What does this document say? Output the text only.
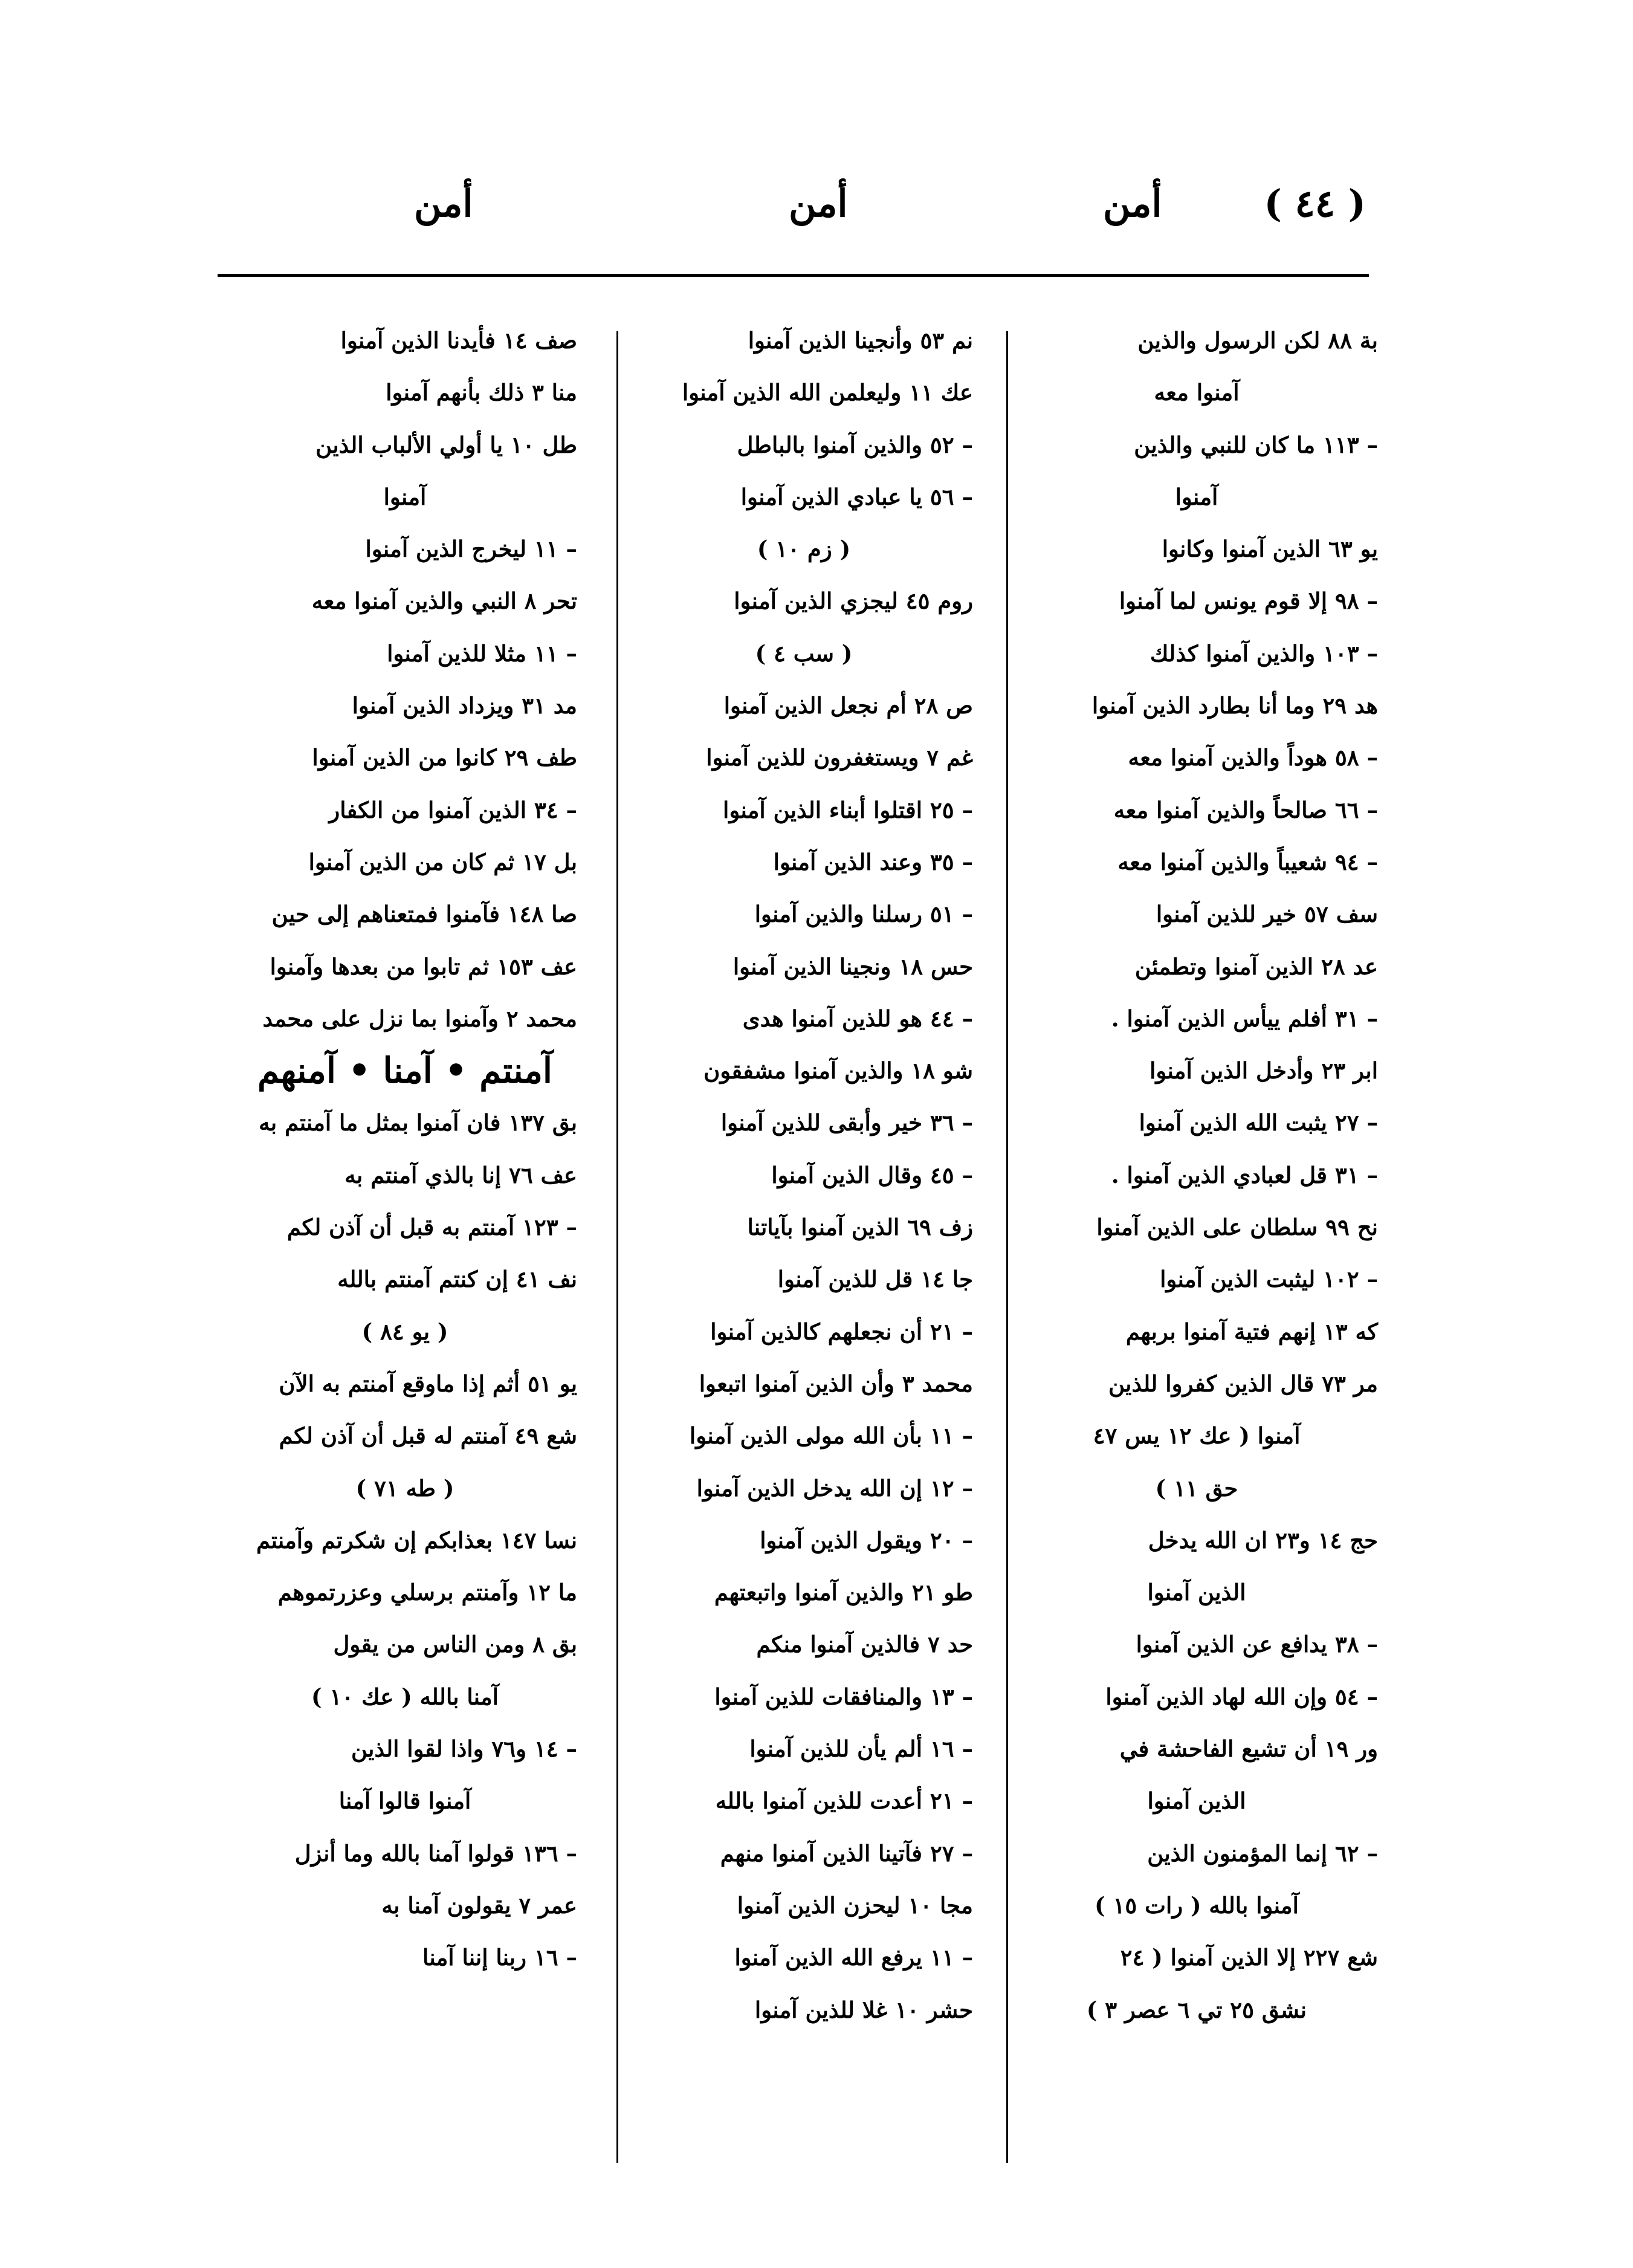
أمن	أمن	أمن	( ٤٤ )
بة ٨٨ لكن الرسول والذين
آمنوا معه
– ١١٣ ما كان للنبي والذين
آمنوا
يو ٦٣ الذين آمنوا وكانوا
– ٩٨ إلا قوم يونس لما آمنوا
– ١٠٣ والذين آمنوا كذلك
هد ٢٩ وما أنا بطارد الذين آمنوا
– ٥٨ هوداً والذين آمنوا معه
– ٦٦ صالحاً والذين آمنوا معه
– ٩٤ شعيباً والذين آمنوا معه
سف ٥٧ خير للذين آمنوا
عد ٢٨ الذين آمنوا وتطمئن
– ٣١ أفلم ييأس الذين آمنوا .
ابر ٢٣ وأدخل الذين آمنوا
– ٢٧ يثبت الله الذين آمنوا
– ٣١ قل لعبادي الذين آمنوا .
نح ٩٩ سلطان على الذين آمنوا
– ١٠٢ ليثبت الذين آمنوا
كه ١٣ إنهم فتية آمنوا بربهم
مر ٧٣ قال الذين كفروا للذين
آمنوا ( عك ١٢ يس ٤٧
حق ١١ )
حج ١٤ و٢٣ ان الله يدخل
الذين آمنوا
– ٣٨ يدافع عن الذين آمنوا
– ٥٤ وإن الله لهاد الذين آمنوا
ور ١٩ أن تشيع الفاحشة في
الذين آمنوا
– ٦٢ إنما المؤمنون الذين
آمنوا بالله ( رات ١٥ )
شع ٢٢٧ إلا الذين آمنوا ( ٢٤
نشق ٢٥ تي ٦ عصر ٣ )
نم ٥٣ وأنجينا الذين آمنوا
عك ١١ وليعلمن الله الذين آمنوا
– ٥٢ والذين آمنوا بالباطل
– ٥٦ يا عبادي الذين آمنوا
( زم ١٠ )
روم ٤٥ ليجزي الذين آمنوا
( سب ٤ )
ص ٢٨ أم نجعل الذين آمنوا
غم ٧ ويستغفرون للذين آمنوا
– ٢٥ اقتلوا أبناء الذين آمنوا
– ٣٥ وعند الذين آمنوا
– ٥١ رسلنا والذين آمنوا
حس ١٨ ونجينا الذين آمنوا
– ٤٤ هو للذين آمنوا هدى
شو ١٨ والذين آمنوا مشفقون
– ٣٦ خير وأبقى للذين آمنوا
– ٤٥ وقال الذين آمنوا
زف ٦٩ الذين آمنوا بآياتنا
جا ١٤ قل للذين آمنوا
– ٢١ أن نجعلهم كالذين آمنوا
محمد ٣ وأن الذين آمنوا اتبعوا
– ١١ بأن الله مولى الذين آمنوا
– ١٢ إن الله يدخل الذين آمنوا
– ٢٠ ويقول الذين آمنوا
طو ٢١ والذين آمنوا واتبعتهم
حد ٧ فالذين آمنوا منكم
– ١٣ والمنافقات للذين آمنوا
– ١٦ ألم يأن للذين آمنوا
– ٢١ أعدت للذين آمنوا بالله
– ٢٧ فآتينا الذين آمنوا منهم
مجا ١٠ ليحزن الذين آمنوا
– ١١ يرفع الله الذين آمنوا
حشر ١٠ غلا للذين آمنوا
صف ١٤ فأيدنا الذين آمنوا
منا ٣ ذلك بأنهم آمنوا
طل ١٠ يا أولي الألباب الذين
آمنوا
– ١١ ليخرج الذين آمنوا
تحر ٨ النبي والذين آمنوا معه
– ١١ مثلا للذين آمنوا
مد ٣١ ويزداد الذين آمنوا
طف ٢٩ كانوا من الذين آمنوا
– ٣٤ الذين آمنوا من الكفار
بل ١٧ ثم كان من الذين آمنوا
صا ١٤٨ فآمنوا فمتعناهم إلى حين
عف ١٥٣ ثم تابوا من بعدها وآمنوا
محمد ٢ وآمنوا بما نزل على محمد
آمنتم • آمنا • آمنهم
بق ١٣٧ فان آمنوا بمثل ما آمنتم به
عف ٧٦ إنا بالذي آمنتم به
– ١٢٣ آمنتم به قبل أن آذن لكم
نف ٤١ إن كنتم آمنتم بالله
( يو ٨٤ )
يو ٥١ أثم إذا ماوقع آمنتم به الآن
شع ٤٩ آمنتم له قبل أن آذن لكم
( طه ٧١ )
نسا ١٤٧ بعذابكم إن شكرتم وآمنتم
ما ١٢ وآمنتم برسلي وعزرتموهم
بق ٨ ومن الناس من يقول
آمنا بالله ( عك ١٠ )
– ١٤ و٧٦ واذا لقوا الذين
آمنوا قالوا آمنا
– ١٣٦ قولوا آمنا بالله وما أنزل
عمر ٧ يقولون آمنا به
– ١٦ ربنا إننا آمنا
